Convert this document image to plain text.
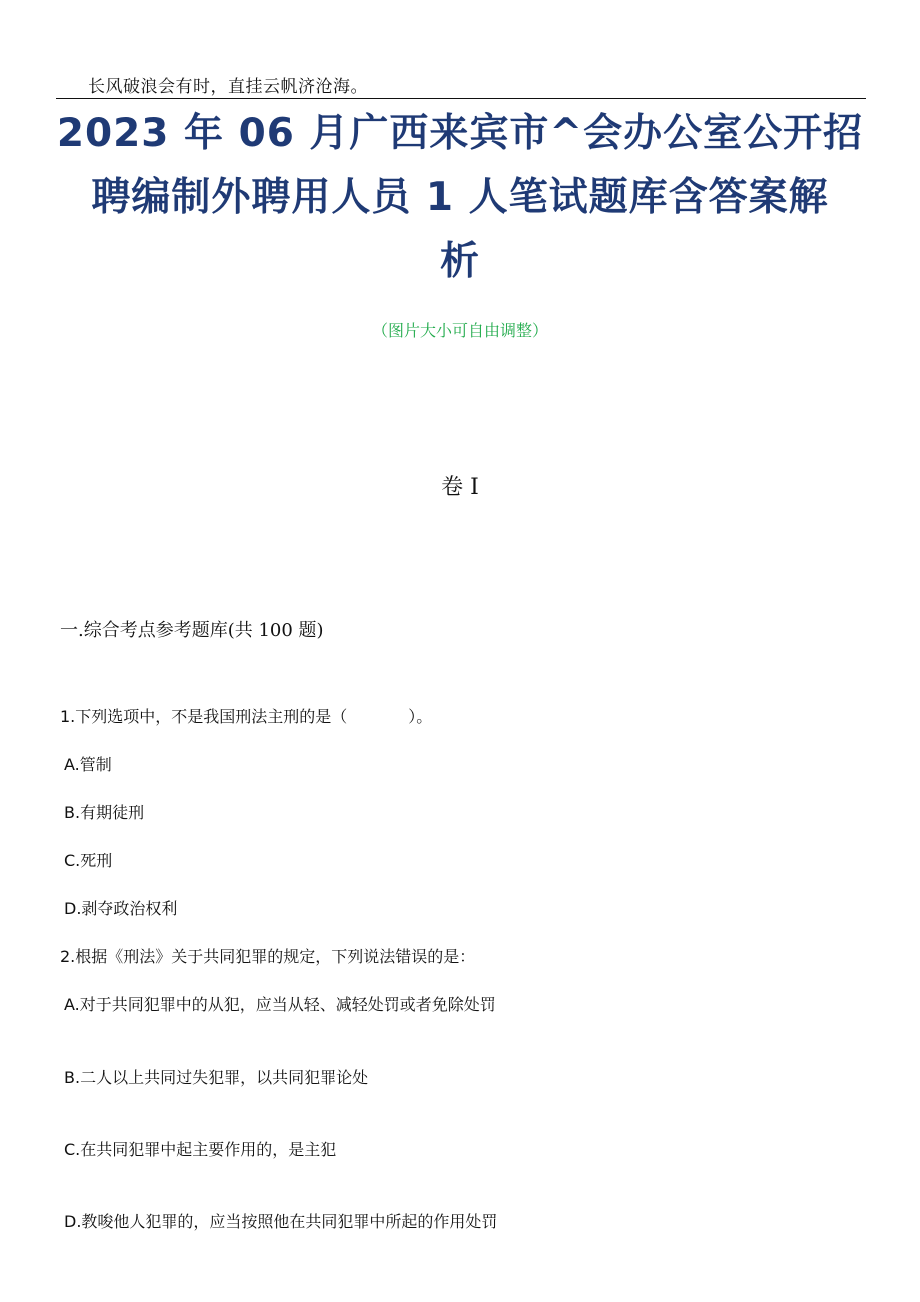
长风破浪会有时，直挂云帆济沧海。
2023 年 06 月广西来宾市^会办公室公开招
聘编制外聘用人员 1 人笔试题库含答案解
析
（图片大小可自由调整）
卷 I
一.综合考点参考题库(共 100 题)
1.下列选项中，不是我国刑法主刑的是（            ）。
A.管制
B.有期徒刑
C.死刑
D.剥夺政治权利
2.根据《刑法》关于共同犯罪的规定，下列说法错误的是：
A.对于共同犯罪中的从犯，应当从轻、减轻处罚或者免除处罚
B.二人以上共同过失犯罪，以共同犯罪论处
C.在共同犯罪中起主要作用的，是主犯
D.教唆他人犯罪的，应当按照他在共同犯罪中所起的作用处罚
